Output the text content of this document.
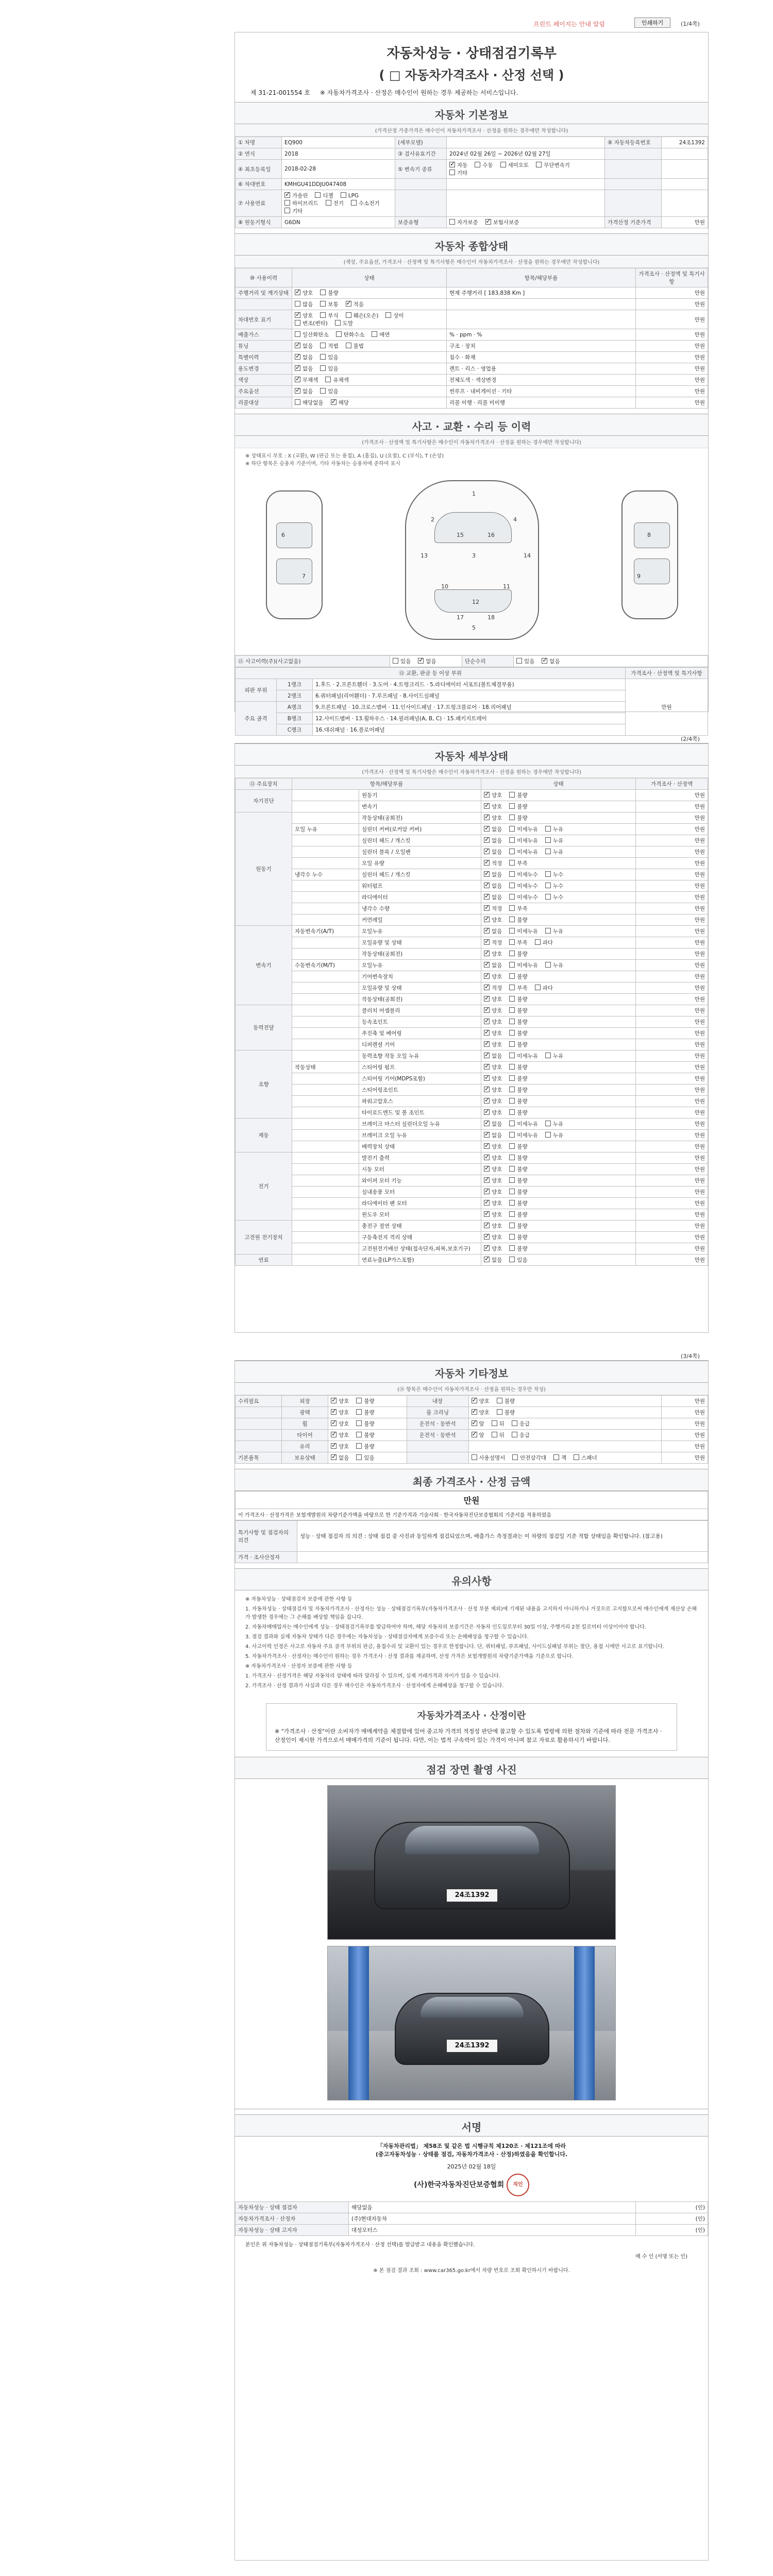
프린트 페이지는 안내 알림	인쇄하기	(1/4쪽)
자동차성능 · 상태점검기록부
( □ 자동차가격조사 · 산정 선택 )
제 31-21-001554 호 ※ 자동차가격조사 · 산정은 매수인이 원하는 경우 제공하는 서비스입니다.
자동차 기본정보
(가격산정 가중가격은 매수인이 자동차가격조사 · 산정을 원하는 경우에만 작성합니다)
① 차명	EQ900	(세부모델)		⑨ 자동차등록번호	24조1392
② 연식	2018	③ 검사유효기간	2024년 02월 26일 ~ 2026년 02월 27일		
④ 최초등록일	2018-02-28	⑤ 변속기 종류	✓자동 수동 세미오토 무단변속기기타		
⑥ 차대번호	KMHGU41DDJU047408				
⑦ 사용연료	✓가솔린 디젤 LPG하이브리드 전기 수소전기기타				
⑧ 원동기형식	G6DN	보증유형	자가보증 ✓ 보험사보증	가격산정 기준가격	만원
자동차 종합상태
(색상, 주요옵션, 가격조사 · 산정액 및 특기사항은 매수인이 자동차가격조사 · 산정을 원하는 경우에만 작성합니다)
⑩ 사용이력	상태	항목/해당부품	가격조사 · 산정액 및 특기사항
주행거리 및 계기상태	✓양호 불량	현재 주행거리 [ 183,838 Km ]	만원
	많음 보통 ✓ 적음		만원
차대번호 표기	✓양호 부식 훼손(오손) 상이변조(변타) 도말		만원
배출가스	일산화탄소 탄화수소 매연	% · ppm · %	만원
튜닝	✓없음 적법 불법	구조 · 장치	만원
특별이력	✓없음 있음	침수 · 화재	만원
용도변경	✓없음 있음	렌트 · 리스 · 영업용	만원
색상	✓무채색 유채색	전체도색 · 색상변경	만원
주요옵션	✓없음 있음	썬루프 · 내비게이션 · 기타	만원
리콜대상	해당없음 ✓ 해당	리콜 이행 · 리콜 미이행	만원
사고 · 교환 · 수리 등 이력
(가격조사 · 산정액 및 특기사항은 매수인이 자동차가격조사 · 산정을 원하는 경우에만 작성합니다)
※ 상태표시 부호 : X (교환), W (판금 또는 용접), A (흠집), U (요철), C (부식), T (손상)
※ 하단 항목은 승용차 기준이며, 기타 자동차는 승용차에 준하여 표시
1
2
3
4
5
6
7
8
9
10	11
12
13	14
15	16
17	18
⑪ 사고이력(주)(사고없음)	있음 ✓	없음	단순수리	있음 ✓	없음
⑫ 교환, 판금 등 이상 부위			가격조사 · 산정액 및 특기사항
외판 부위	1랭크	1.후드 · 2.프론트휀더 · 3.도어 · 4.트렁크리드 · 5.라디에이터 서포트(볼트체결부품)	만원
	2랭크	6.쿼터패널(리어휀더) · 7.루프패널 · 8.사이드실패널	
주요 골격	A랭크	9.프론트패널 · 10.크로스멤버 · 11.인사이드패널 · 17.트렁크플로어 · 18.리어패널	
	B랭크	12.사이드멤버 · 13.휠하우스 · 14.필러패널(A, B, C) · 15.패키지트레이	
	C랭크	16.대쉬패널 · 16.플로어패널	
(2/4쪽)
자동차 세부상태
(가격조사 · 산정액 및 특기사항은 매수인이 자동차가격조사 · 산정을 원하는 경우에만 작성합니다)
⑬ 주요장치	항목/해당부품		상태	가격조사 · 산정액
자기진단		원동기	✓양호 불량	만원
		변속기	✓양호 불량	만원
원동기		작동상태(공회전)	✓양호 불량	만원
	오일 누유	실린더 커버(로커암 커버)	✓없음 미세누유 누유	만원
		실린더 헤드 / 개스킷	✓없음 미세누유 누유	만원
		실린더 블록 / 오일팬	✓없음 미세누유 누유	만원
		오일 유량	✓적정 부족	만원
	냉각수 누수	실린더 헤드 / 개스킷	✓없음 미세누수 누수	만원
		워터펌프	✓없음 미세누수 누수	만원
		라디에이터	✓없음 미세누수 누수	만원
		냉각수 수량	✓적정 부족	만원
		커먼레일	✓양호 불량	만원
변속기	자동변속기(A/T)	오일누유	✓없음 미세누유 누유	만원
		오일유량 및 상태	✓적정 부족 과다	만원
		작동상태(공회전)	✓양호 불량	만원
	수동변속기(M/T)	오일누유	✓없음 미세누유 누유	만원
		기어변속장치	✓양호 불량	만원
		오일유량 및 상태	✓적정 부족 과다	만원
		작동상태(공회전)	✓양호 불량	만원
동력전달		클러치 어셈블리	✓양호 불량	만원
		등속조인트	✓양호 불량	만원
		추진축 및 베어링	✓양호 불량	만원
		디퍼렌셜 기어	✓양호 불량	만원
조향		동력조향 작동 오일 누유	✓없음 미세누유 누유	만원
	작동상태	스티어링 펌프	✓양호 불량	만원
		스티어링 기어(MDPS포함)	✓양호 불량	만원
		스티어링조인트	✓양호 불량	만원
		파워고압호스	✓양호 불량	만원
		타이로드엔드 및 볼 조인트	✓양호 불량	만원
제동		브레이크 마스터 실린더오일 누유	✓없음 미세누유 누유	만원
		브레이크 오일 누유	✓없음 미세누유 누유	만원
		배력장치 상태	✓양호 불량	만원
전기		발전기 출력	✓양호 불량	만원
		시동 모터	✓양호 불량	만원
		와이퍼 모터 기능	✓양호 불량	만원
		실내송풍 모터	✓양호 불량	만원
		라디에이터 팬 모터	✓양호 불량	만원
		윈도우 모터	✓양호 불량	만원
고전원 전기장치		충전구 절연 상태	✓양호 불량	만원
		구동축전지 격리 상태	✓양호 불량	만원
		고전원전기배선 상태(접속단자,피복,보호기구)	✓양호 불량	만원
연료		연료누출(LP가스포함)	✓없음 있음	만원
(3/4쪽)
자동차 기타정보
(⑭ 항목은 매수인이 자동차가격조사 · 산정을 원하는 경우만 작성)
수리필요	외장	✓양호 불량	내장	✓양호 불량	만원
	광택	✓양호 불량	룸 크리닝	✓양호 불량	만원
	휠	✓양호 불량	운전석 · 동반석	✓앞 뒤 응급	만원
	타이어	✓양호 불량	운전석 · 동반석	✓앞 뒤 응급	만원
	유리	✓양호 불량			만원
기본품목	보유상태	✓없음 있음		사용설명서 안전삼각대 잭 스패너	만원
최종 가격조사 · 산정 금액
만원
이 가격조사 · 산정가격은 보험개발원의 차량기준가액을 바탕으로 한 기준가격과 기술사회 · 한국자동차진단보증협회의 기준서를 적용하였음
특기사항 및 점검자의 의견	성능 · 상태 점검자 의 의견 : 상태 점검 중 사진과 동일하게 점검되었으며, 배출가스 측정결과는 이 차량의 점검일 기준 적합 상태임을 확인합니다. (참고용)
가격 · 조사산정자	
유의사항

※ 자동차성능 · 상태점검자 보증에 관한 사항 등

1. 자동차성능 · 상태점검자 및 자동차가격조사 · 산정자는 성능 · 상태점검기록부(자동차가격조사 · 산정 부분 제외)에 기재된 내용을 고지하지 아니하거나 거짓으로 고지함으로써 매수인에게 재산상 손해가 발생한 경우에는 그 손해를 배상할 책임을 집니다.

2. 자동차매매업자는 매수인에게 성능 · 상태점검기록부를 발급하여야 하며, 해당 자동차의 보증기간은 자동차 인도일로부터 30일 이상, 주행거리 2천 킬로미터 이상이어야 합니다.

3. 점검 결과와 실제 자동차 상태가 다른 경우에는 자동차성능 · 상태점검자에게 보증수리 또는 손해배상을 청구할 수 있습니다.

4. 사고이력 인정은 사고로 자동차 주요 골격 부위의 판금, 용접수리 및 교환이 있는 경우로 한정합니다. 단, 쿼터패널, 루프패널, 사이드실패널 부위는 절단, 용접 시에만 사고로 표기합니다.

5. 자동차가격조사 · 산정자는 매수인이 원하는 경우 가격조사 · 산정 결과를 제공하며, 산정 가격은 보험개발원의 차량기준가액을 기준으로 합니다.

※ 자동차가격조사 · 산정자 보증에 관한 사항 등

1. 가격조사 · 산정가격은 해당 자동차의 상태에 따라 달라질 수 있으며, 실제 거래가격과 차이가 있을 수 있습니다.

2. 가격조사 · 산정 결과가 사실과 다른 경우 매수인은 자동차가격조사 · 산정자에게 손해배상을 청구할 수 있습니다.

자동차가격조사 · 산정이란
※ "가격조사 · 산정"이란 소비자가 매매계약을 체결함에 있어 중고차 가격의 적정성 판단에 참고할 수 있도록 법령에 의한 절차와 기준에 따라 전문 가격조사 · 산정인이 제시한 가격으로서 매매가격의 기준이 됩니다. 다만, 이는 법적 구속력이 있는 가격이 아니며 참고 자료로 활용하시기 바랍니다.
점검 장면 촬영 사진
24조1392
24조1392
서명
「자동차관리법」 제58조 및 같은 법 시행규칙 제120조 · 제121조에 따라
(중고자동차성능 · 상태를 점검, 자동차가격조사 · 산정)하였음을 확인합니다.
2025년 02월 18일
(사)한국자동차진단보증협회 직인
자동차성능 · 상태 점검자	해당없음	(인)
자동차가격조사 · 산정자	(주)현대자동차	(인)
자동차성능 · 상태 고지자	대성모터스	(인)
본인은 위 자동차성능 · 상태점검기록부(자동차가격조사 · 산정 선택)를 발급받고 내용을 확인했습니다.
매 수 인 (서명 또는 인)
※ 본 점검 결과 조회 : www.car365.go.kr에서 차량 번호로 조회 확인하시기 바랍니다.
